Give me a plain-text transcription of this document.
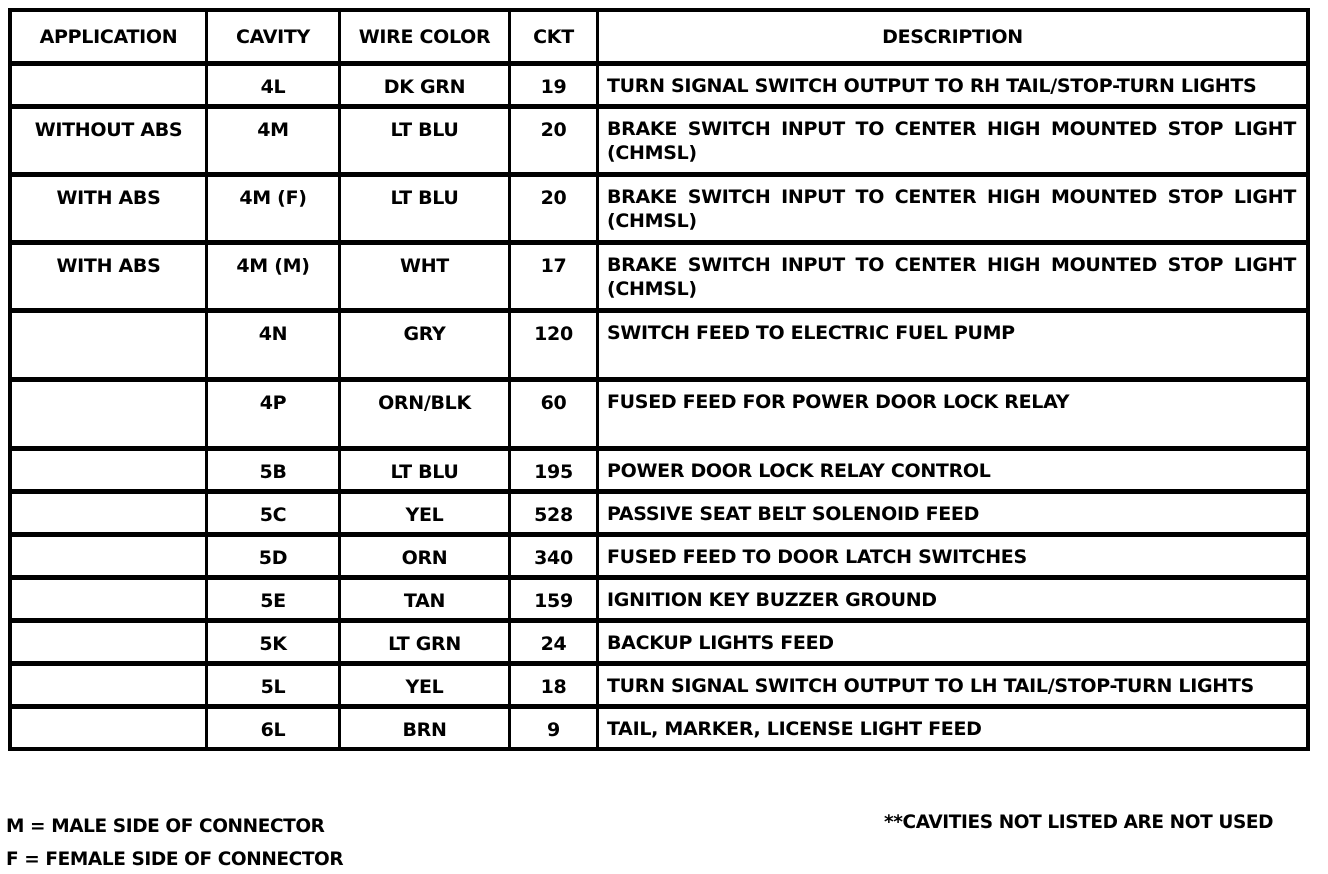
APPLICATION	CAVITY	WIRE COLOR	CKT	DESCRIPTION

	4L	DK GRN	19	TURN SIGNAL SWITCH OUTPUT TO RH TAIL/STOP-TURN LIGHTS

WITHOUT ABS	4M	LT BLU	20	BRAKE SWITCH INPUT TO CENTER HIGH MOUNTED STOP LIGHT (CHMSL)

WITH ABS	4M (F)	LT BLU	20	BRAKE SWITCH INPUT TO CENTER HIGH MOUNTED STOP LIGHT (CHMSL)

WITH ABS	4M (M)	WHT	17	BRAKE SWITCH INPUT TO CENTER HIGH MOUNTED STOP LIGHT (CHMSL)

	4N	GRY	120	SWITCH FEED TO ELECTRIC FUEL PUMP

	4P	ORN/BLK	60	FUSED FEED FOR POWER DOOR LOCK RELAY

	5B	LT BLU	195	POWER DOOR LOCK RELAY CONTROL

	5C	YEL	528	PASSIVE SEAT BELT SOLENOID FEED

	5D	ORN	340	FUSED FEED TO DOOR LATCH SWITCHES

	5E	TAN	159	IGNITION KEY BUZZER GROUND

	5K	LT GRN	24	BACKUP LIGHTS FEED

	5L	YEL	18	TURN SIGNAL SWITCH OUTPUT TO LH TAIL/STOP-TURN LIGHTS

	6L	BRN	9	TAIL, MARKER, LICENSE LIGHT FEED
M = MALE SIDE OF CONNECTOR
F = FEMALE SIDE OF CONNECTOR
**CAVITIES NOT LISTED ARE NOT USED
